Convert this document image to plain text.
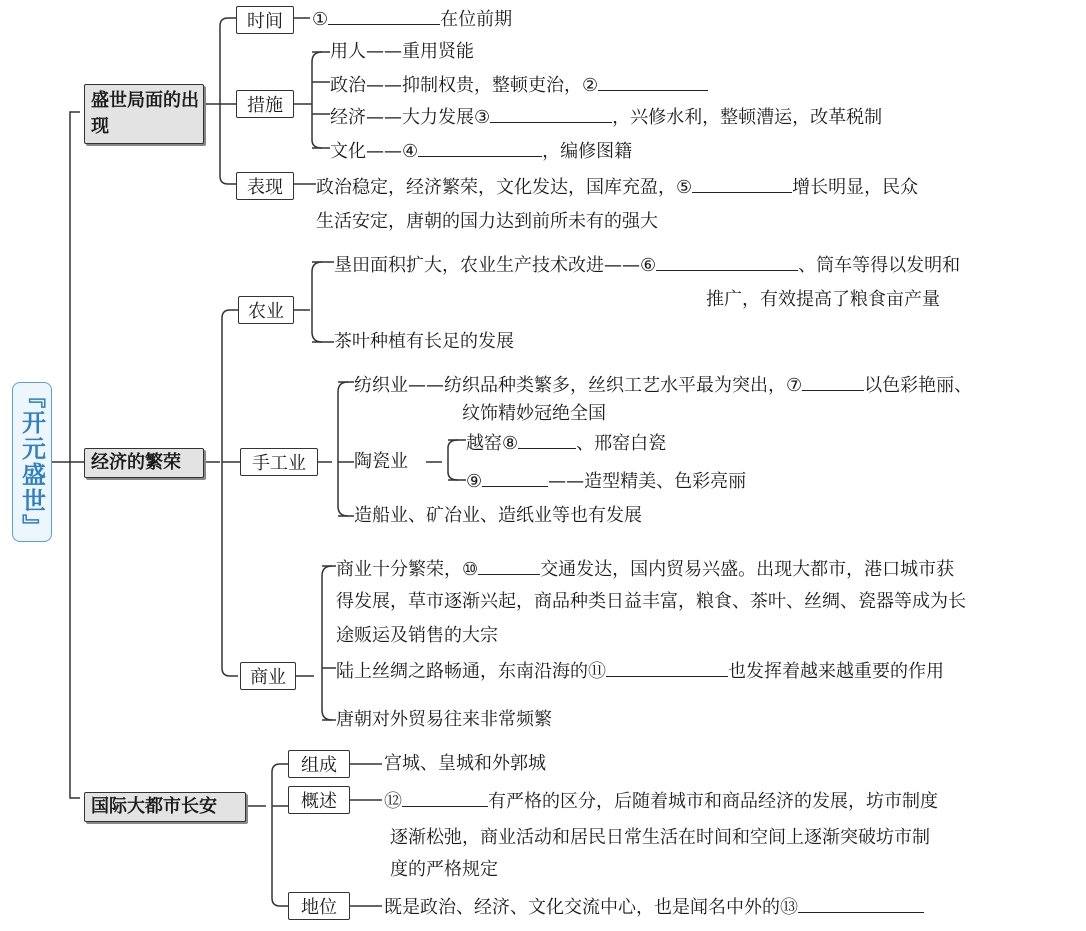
『开元盛世』
盛世局面的出现
时间	①	在位前期
措施
用人——重用贤能
政治——抑制权贵，整顿吏治，②
经济——大力发展③	，兴修水利，整顿漕运，改革税制
文化——④	，编修图籍
表现	政治稳定，经济繁荣，文化发达，国库充盈，⑤	增长明显，民众
生活安定，唐朝的国力达到前所未有的强大
经济的繁荣
农业
垦田面积扩大，农业生产技术改进——⑥	、筒车等得以发明和
推广，有效提高了粮食亩产量
茶叶种植有长足的发展
手工业
纺织业——纺织品种类繁多，丝织工艺水平最为突出，⑦	以色彩艳丽、
纹饰精妙冠绝全国
陶瓷业
越窑⑧	、邢窑白瓷
⑨	——造型精美、色彩亮丽
造船业、矿冶业、造纸业等也有发展
商业
商业十分繁荣，⑩	交通发达，国内贸易兴盛。出现大都市，港口城市获
得发展，草市逐渐兴起，商品种类日益丰富，粮食、茶叶、丝绸、瓷器等成为长
途贩运及销售的大宗
陆上丝绸之路畅通，东南沿海的⑪	也发挥着越来越重要的作用
唐朝对外贸易往来非常频繁
国际大都市长安
组成	宫城、皇城和外郭城
概述	⑫	有严格的区分，后随着城市和商品经济的发展，坊市制度
逐渐松弛，商业活动和居民日常生活在时间和空间上逐渐突破坊市制
度的严格规定
地位	既是政治、经济、文化交流中心，也是闻名中外的⑬
